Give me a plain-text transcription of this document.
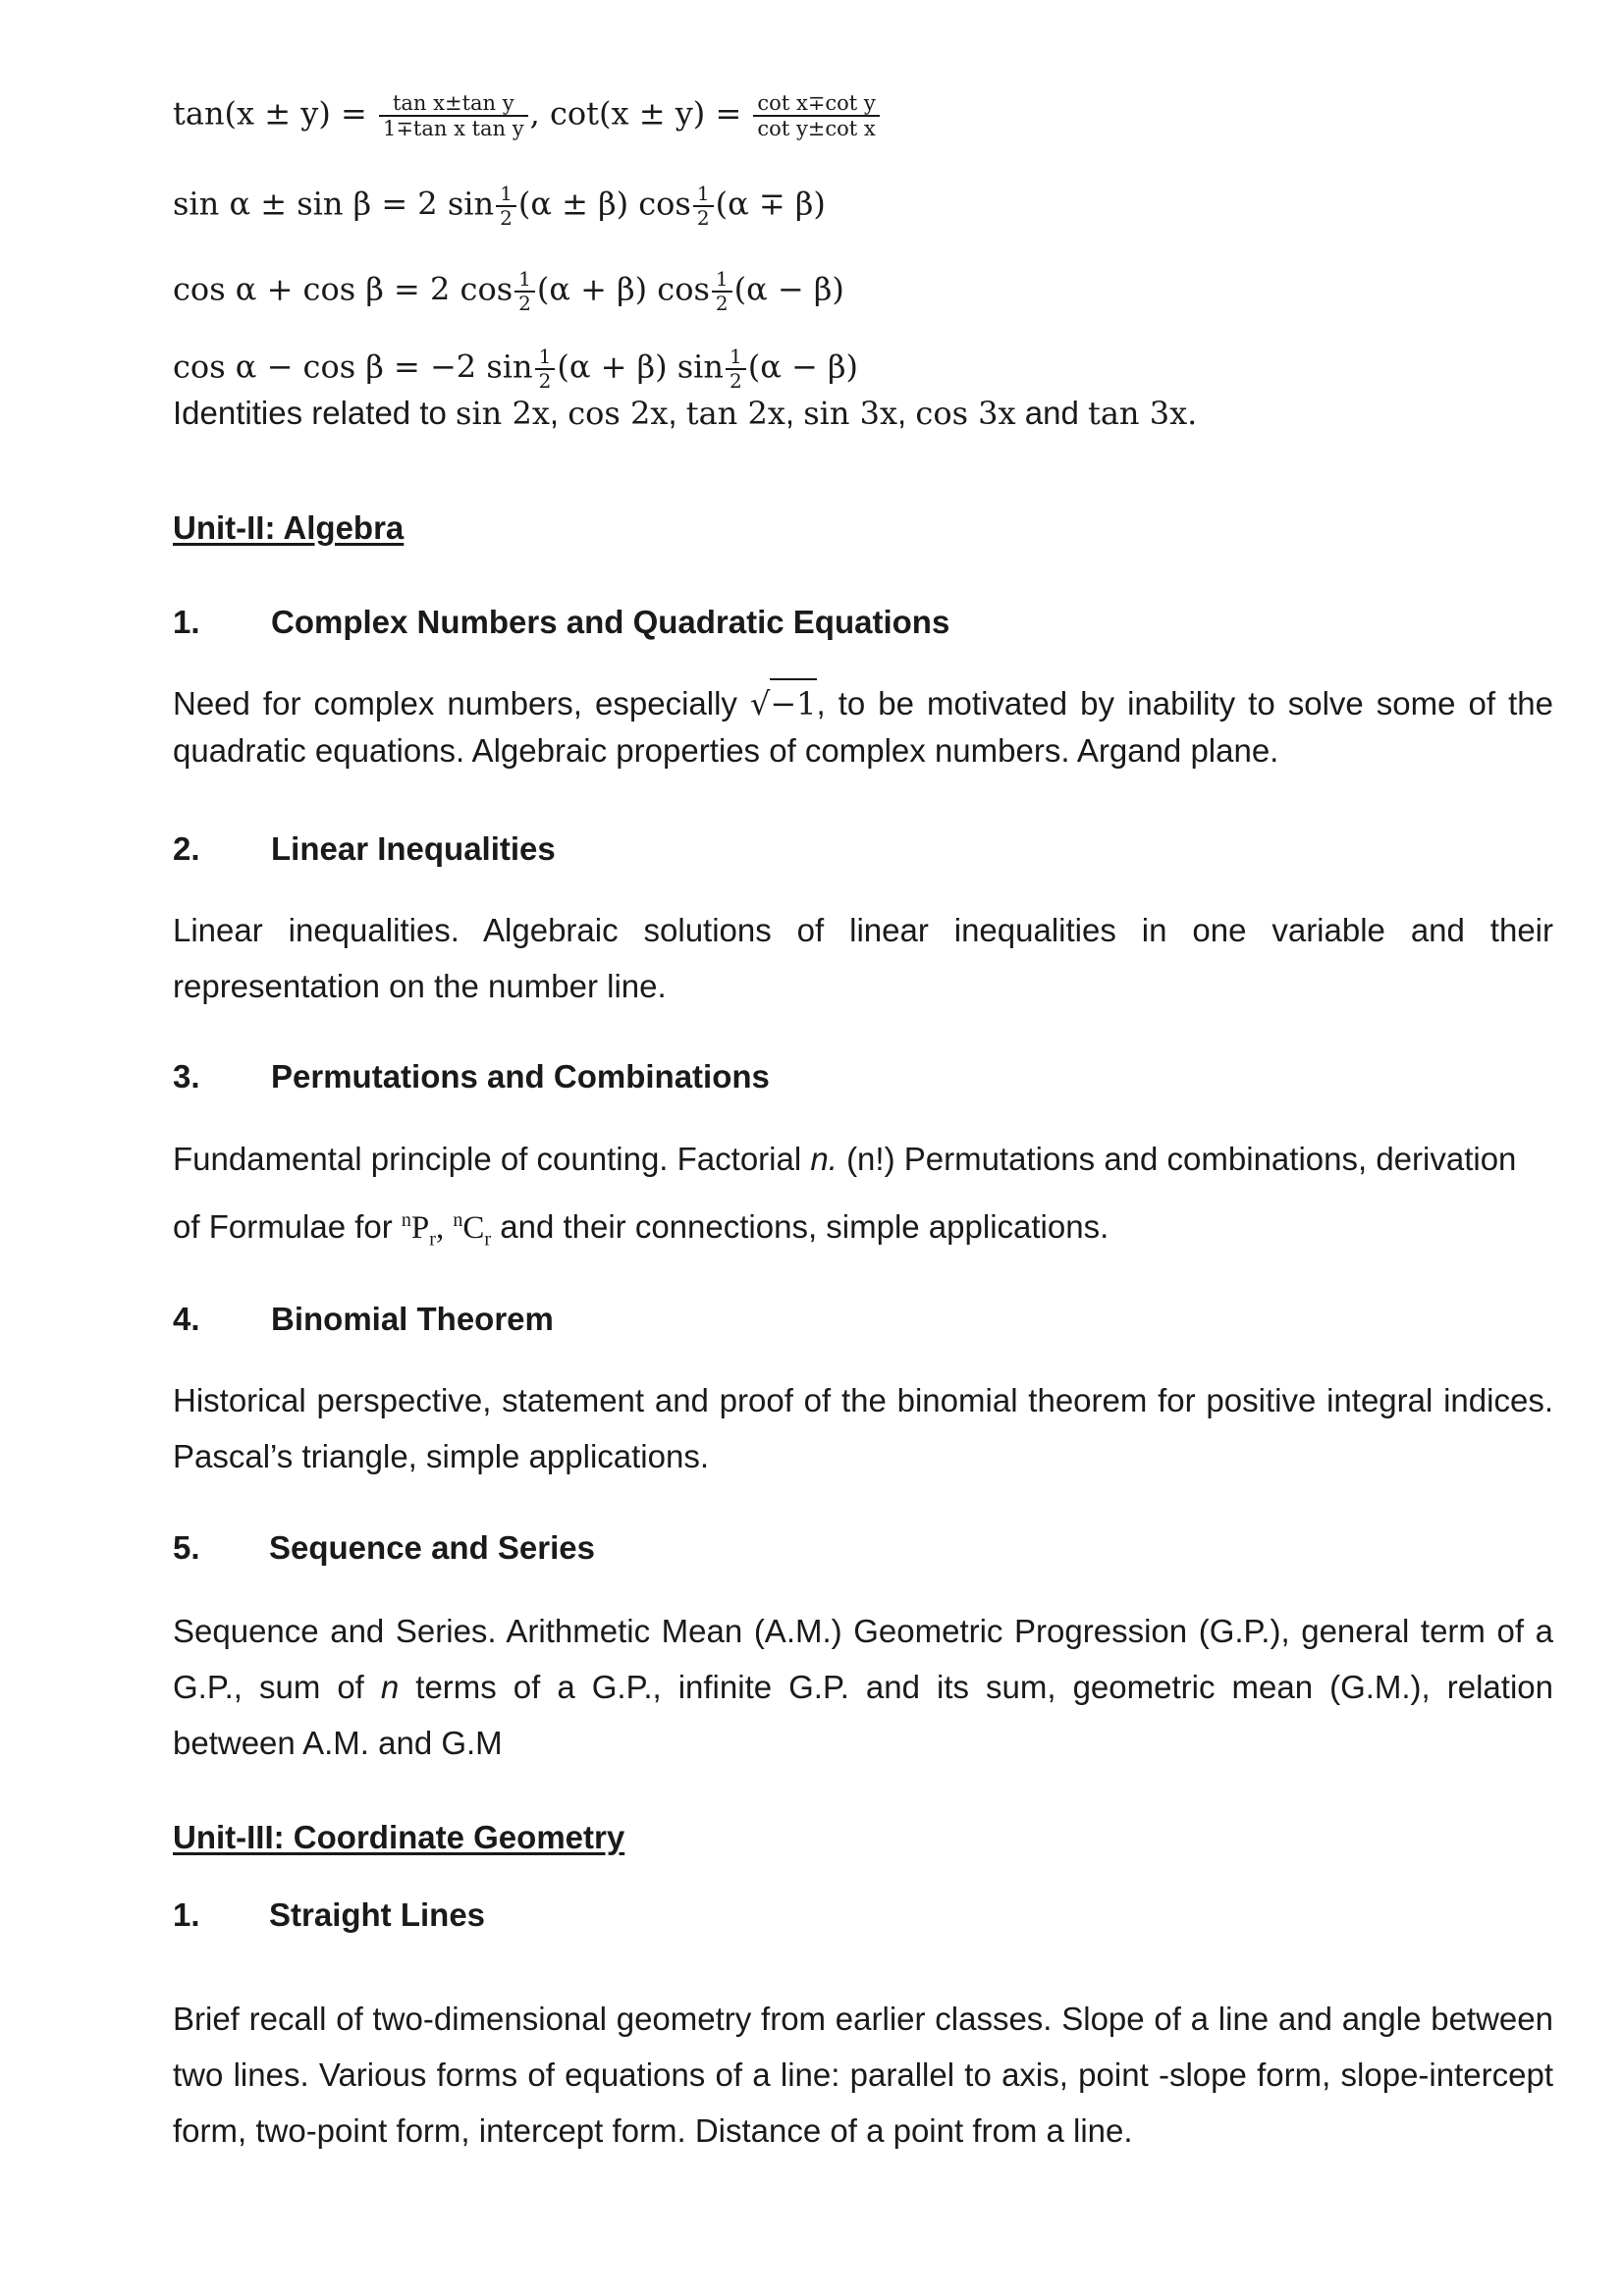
$\tan(x \pm y) = \frac{\text{tan x±tan y}}{\text{1∓tan x tan y}}$ , $\cot(x \pm y) = \frac{\text{cot x∓cot y}}{\text{cot y±cot x}}$
sin α ± sin β = 2 $\sin \frac{1}{2} (\alpha \pm \beta)$ $\cos \frac{1}{2} (\alpha \mp \beta)$
cos α + cos β = 2 $\cos \frac{1}{2} (\alpha + \beta)$ $\cos \frac{1}{2} (\alpha - \beta)$
cos α − cos β = −2 $\sin \frac{1}{2} (\alpha + \beta)$ $\sin \frac{1}{2} (\alpha - \beta)$
Identities related to sin 2x, cos 2x, tan 2x, sin 3x, cos 3x and tan 3x.
Unit-II: Algebra
1. Complex Numbers and Quadratic Equations
Need for complex numbers, especially √−1, to be motivated by inability to solve some of the quadratic equations. Algebraic properties of complex numbers. Argand plane.
2. Linear Inequalities
Linear inequalities. Algebraic solutions of linear inequalities in one variable and their representation on the number line.
3. Permutations and Combinations
Fundamental principle of counting. Factorial n. (n!) Permutations and combinations, derivation
of Formulae for $^nP_r$, $^nC_r$ and their connections, simple applications.
4. Binomial Theorem
Historical perspective, statement and proof of the binomial theorem for positive integral indices. Pascal’s triangle, simple applications.
5. Sequence and Series
Sequence and Series. Arithmetic Mean (A.M.) Geometric Progression (G.P.), general term of a G.P., sum of n terms of a G.P., infinite G.P. and its sum, geometric mean (G.M.), relation between A.M. and G.M
Unit-III: Coordinate Geometry
1. Straight Lines
Brief recall of two-dimensional geometry from earlier classes. Slope of a line and angle between two lines. Various forms of equations of a line: parallel to axis, point -slope form, slope-intercept form, two-point form, intercept form. Distance of a point from a line.
